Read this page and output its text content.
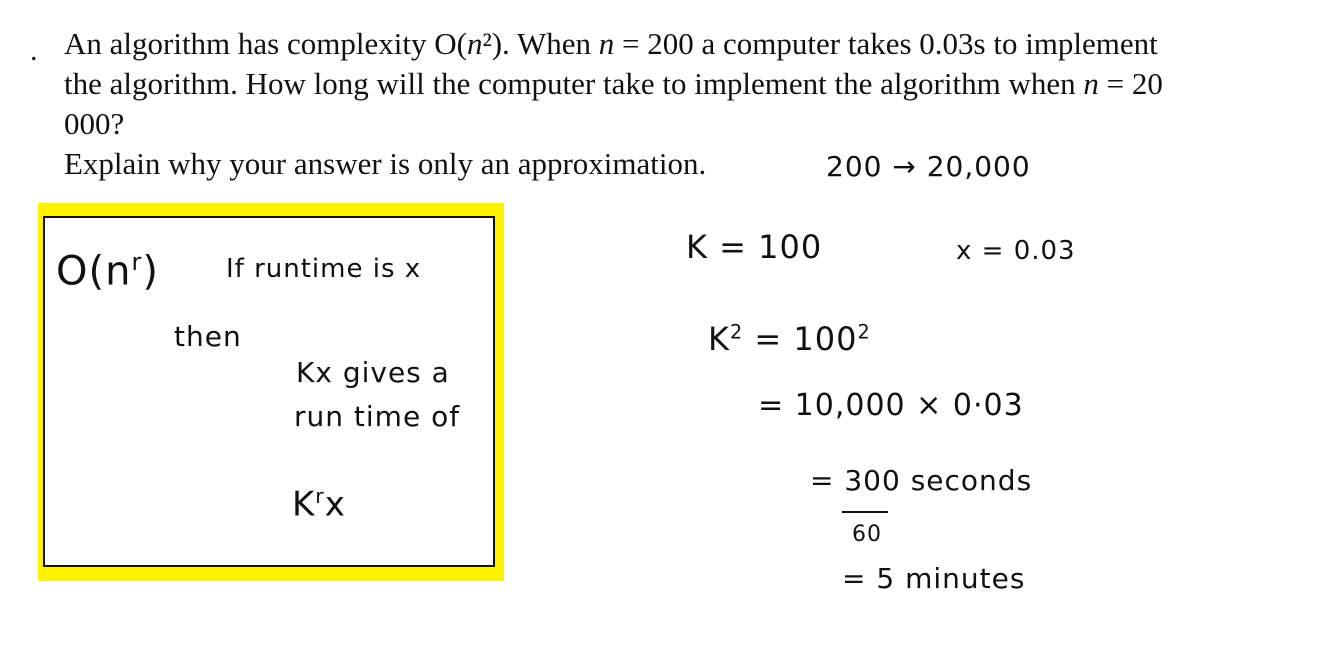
. An algorithm has complexity O(n²). When n = 200 a computer takes 0.03s to implement
the algorithm. How long will the computer take to implement the algorithm when n = 20
000?
Explain why your answer is only an approximation.	200 → 20,000
$O(n^r)$	If runtime is x
then
Kx gives a
run time of
$K^rx$
K = 100	x = 0.03
$K^2 = 100^2$
= 10,000 × 0·03
= 300 seconds
60
= 5 minutes
